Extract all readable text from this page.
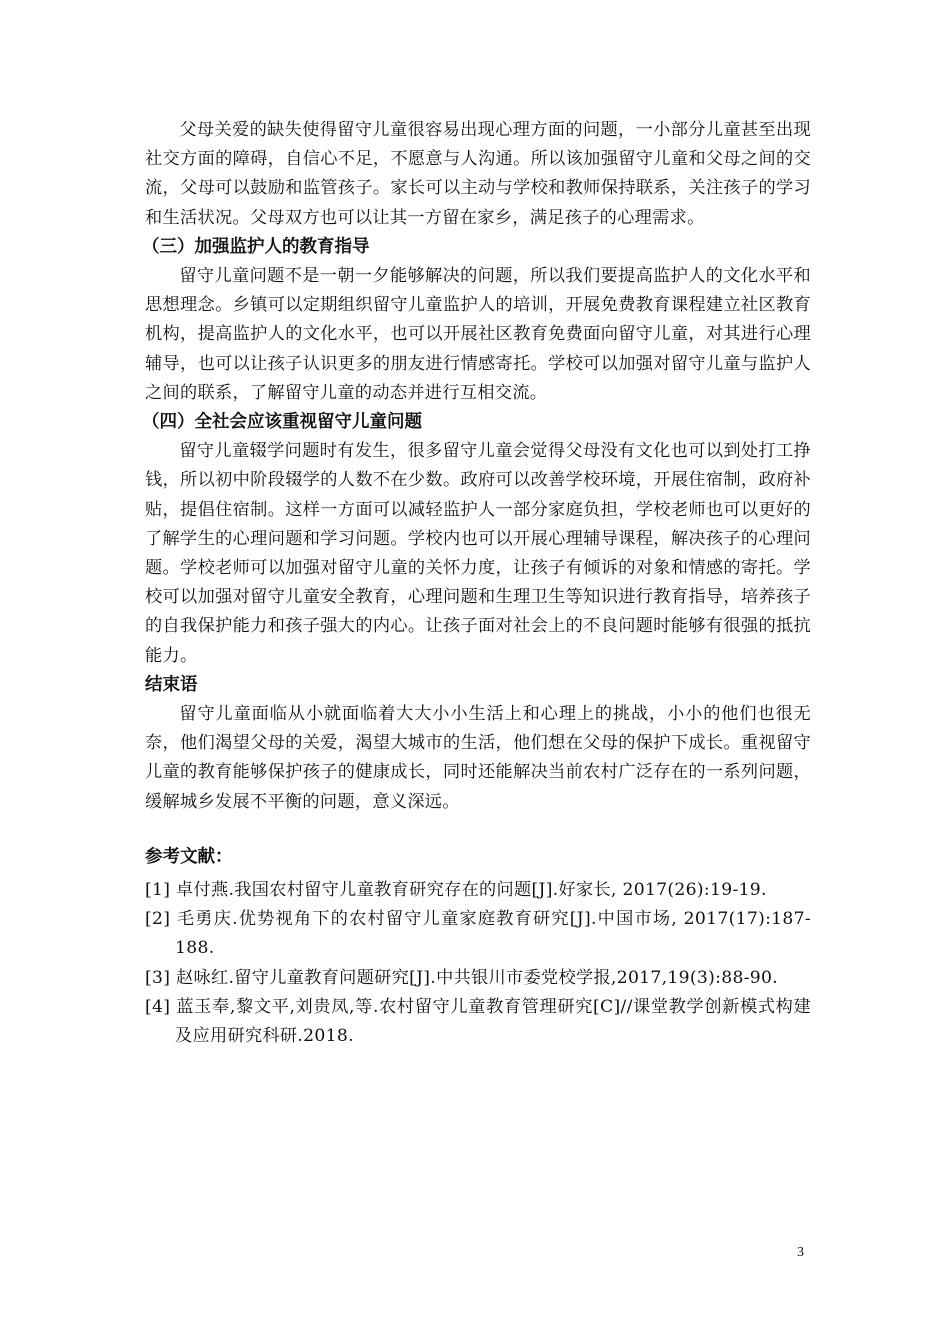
父母关爱的缺失使得留守儿童很容易出现心理方面的问题，一小部分儿童甚至出现社交方面的障碍，自信心不足，不愿意与人沟通。所以该加强留守儿童和父母之间的交流，父母可以鼓励和监管孩子。家长可以主动与学校和教师保持联系，关注孩子的学习和生活状况。父母双方也可以让其一方留在家乡，满足孩子的心理需求。

（三）加强监护人的教育指导

留守儿童问题不是一朝一夕能够解决的问题，所以我们要提高监护人的文化水平和思想理念。乡镇可以定期组织留守儿童监护人的培训，开展免费教育课程建立社区教育机构，提高监护人的文化水平，也可以开展社区教育免费面向留守儿童，对其进行心理辅导，也可以让孩子认识更多的朋友进行情感寄托。学校可以加强对留守儿童与监护人之间的联系，了解留守儿童的动态并进行互相交流。

（四）全社会应该重视留守儿童问题

留守儿童辍学问题时有发生，很多留守儿童会觉得父母没有文化也可以到处打工挣钱，所以初中阶段辍学的人数不在少数。政府可以改善学校环境，开展住宿制，政府补贴，提倡住宿制。这样一方面可以减轻监护人一部分家庭负担，学校老师也可以更好的了解学生的心理问题和学习问题。学校内也可以开展心理辅导课程，解决孩子的心理问题。学校老师可以加强对留守儿童的关怀力度，让孩子有倾诉的对象和情感的寄托。学校可以加强对留守儿童安全教育，心理问题和生理卫生等知识进行教育指导，培养孩子的自我保护能力和孩子强大的内心。让孩子面对社会上的不良问题时能够有很强的抵抗能力。

结束语

留守儿童面临从小就面临着大大小小生活上和心理上的挑战，小小的他们也很无奈，他们渴望父母的关爱，渴望大城市的生活，他们想在父母的保护下成长。重视留守儿童的教育能够保护孩子的健康成长，同时还能解决当前农村广泛存在的一系列问题，缓解城乡发展不平衡的问题，意义深远。

参考文献：
[1] 卓付燕.我国农村留守儿童教育研究存在的问题[J].好家长, 2017(26):19-19.
[2] 毛勇庆.优势视角下的农村留守儿童家庭教育研究[J].中国市场, 2017(17):187-188.
[3] 赵咏红.留守儿童教育问题研究[J].中共银川市委党校学报,2017,19(3):88-90.
[4] 蓝玉奉,黎文平,刘贵凤,等.农村留守儿童教育管理研究[C]//课堂教学创新模式构建及应用研究科研.2018.
3
